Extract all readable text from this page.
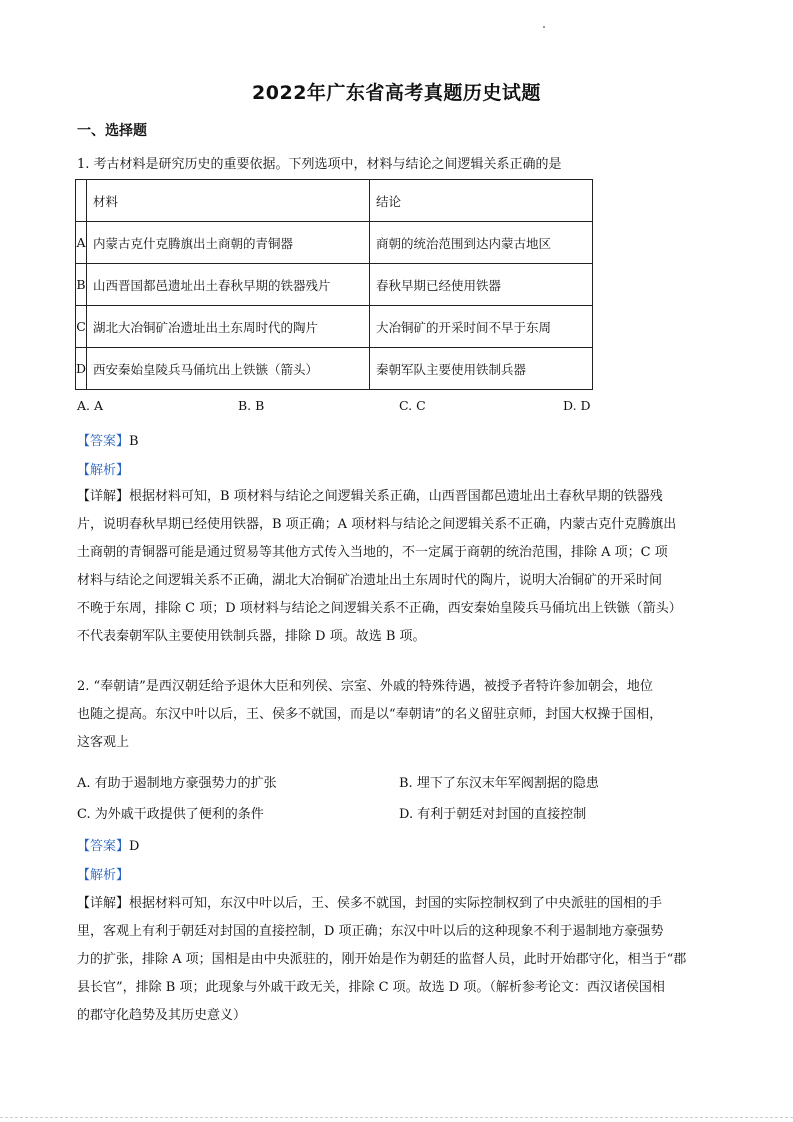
2022年广东省高考真题历史试题
一、选择题
1. 考古材料是研究历史的重要依据。下列选项中，材料与结论之间逻辑关系正确的是
	材料	结论
A	内蒙古克什克腾旗出土商朝的青铜器	商朝的统治范围到达内蒙古地区
B	山西晋国都邑遗址出土春秋早期的铁器残片	春秋早期已经使用铁器
C	湖北大冶铜矿冶遗址出土东周时代的陶片	大冶铜矿的开采时间不早于东周
D	西安秦始皇陵兵马俑坑出上铁镞（箭头）	秦朝军队主要使用铁制兵器
A. A	B. B	C. C	D. D
【答案】B
【解析】
【详解】根据材料可知，B 项材料与结论之间逻辑关系正确，山西晋国都邑遗址出土春秋早期的铁器残
片，说明春秋早期已经使用铁器，B 项正确；A 项材料与结论之间逻辑关系不正确，内蒙古克什克腾旗出
土商朝的青铜器可能是通过贸易等其他方式传入当地的，不一定属于商朝的统治范围，排除 A 项；C 项
材料与结论之间逻辑关系不正确，湖北大冶铜矿冶遗址出土东周时代的陶片，说明大冶铜矿的开采时间
不晚于东周，排除 C 项；D 项材料与结论之间逻辑关系不正确，西安秦始皇陵兵马俑坑出上铁镞（箭头）
不代表秦朝军队主要使用铁制兵器，排除 D 项。故选 B 项。
2. “奉朝请”是西汉朝廷给予退休大臣和列侯、宗室、外戚的特殊待遇，被授予者特许参加朝会，地位
也随之提高。东汉中叶以后，王、侯多不就国，而是以“奉朝请”的名义留驻京师，封国大权操于国相，
这客观上
A. 有助于遏制地方豪强势力的扩张	B. 埋下了东汉末年军阀割据的隐患
C. 为外戚干政提供了便利的条件	D. 有利于朝廷对封国的直接控制
【答案】D
【解析】
【详解】根据材料可知，东汉中叶以后，王、侯多不就国，封国的实际控制权到了中央派驻的国相的手
里，客观上有利于朝廷对封国的直接控制，D 项正确；东汉中叶以后的这种现象不利于遏制地方豪强势
力的扩张，排除 A 项；国相是由中央派驻的，刚开始是作为朝廷的监督人员，此时开始郡守化，相当于“郡
县长官”，排除 B 项；此现象与外戚干政无关，排除 C 项。故选 D 项。（解析参考论文：西汉诸侯国相
的郡守化趋势及其历史意义）
